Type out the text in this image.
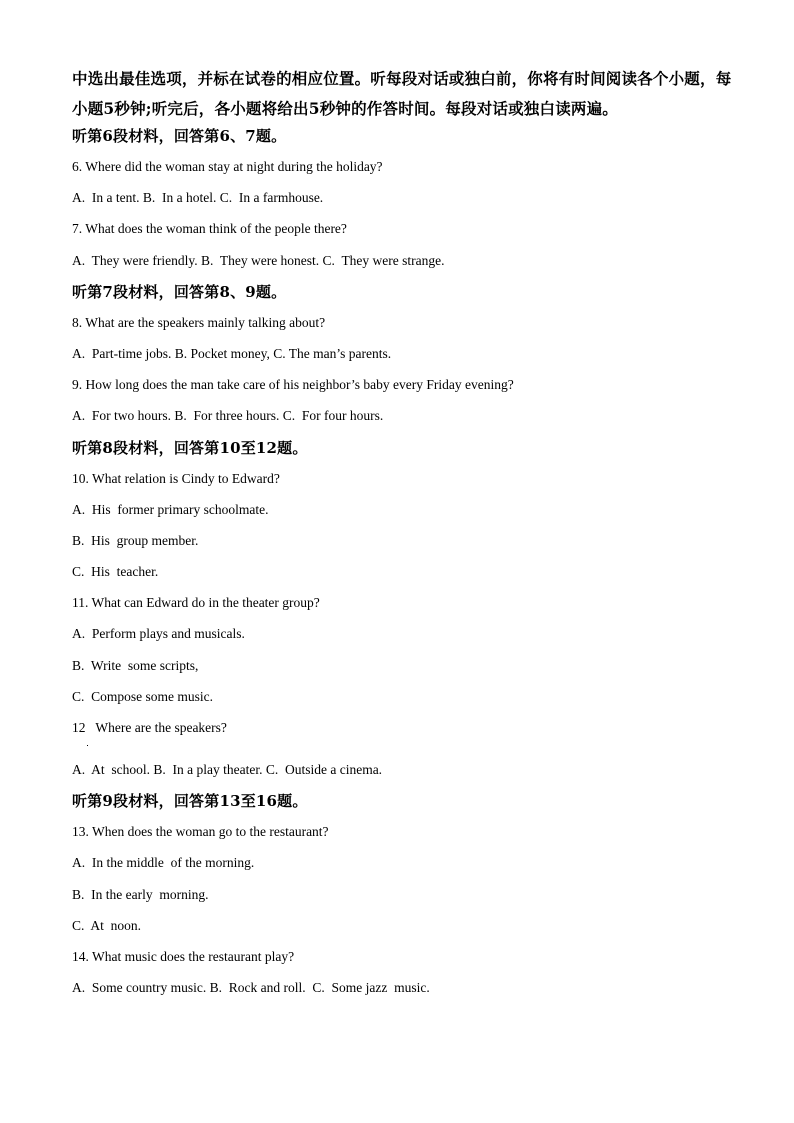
中选出最佳选项，并标在试卷的相应位置。听每段对话或独白前，你将有时间阅读各个小题，每小题5秒钟;听完后，各小题将给出5秒钟的作答时间。每段对话或独白读两遍。

听第6段材料，回答第6、7题。

6. Where did the woman stay at night during the holiday?

A.  In a tent. B.  In a hotel. C.  In a farmhouse.

7. What does the woman think of the people there?

A.  They were friendly. B.  They were honest. C.  They were strange.

听第7段材料，回答第8、9题。

8. What are the speakers mainly talking about?

A.  Part-time jobs. B. Pocket money, C. The man’s parents.

9. How long does the man take care of his neighbor’s baby every Friday evening?

A.  For two hours. B.  For three hours. C.  For four hours.

听第8段材料，回答第10至12题。

10. What relation is Cindy to Edward?

A.  His  former primary schoolmate.

B.  His  group member.

C.  His  teacher.

11. What can Edward do in the theater group?

A.  Perform plays and musicals.

B.  Write  some scripts,

C.  Compose some music.

12   Where are the speakers?

A.  At  school. B.  In a play theater. C.  Outside a cinema.

听第9段材料，回答第13至16题。

13. When does the woman go to the restaurant?

A.  In the middle  of the morning.

B.  In the early  morning.

C.  At  noon.

14. What music does the restaurant play?

A.  Some country music. B.  Rock and roll.  C.  Some jazz  music.
